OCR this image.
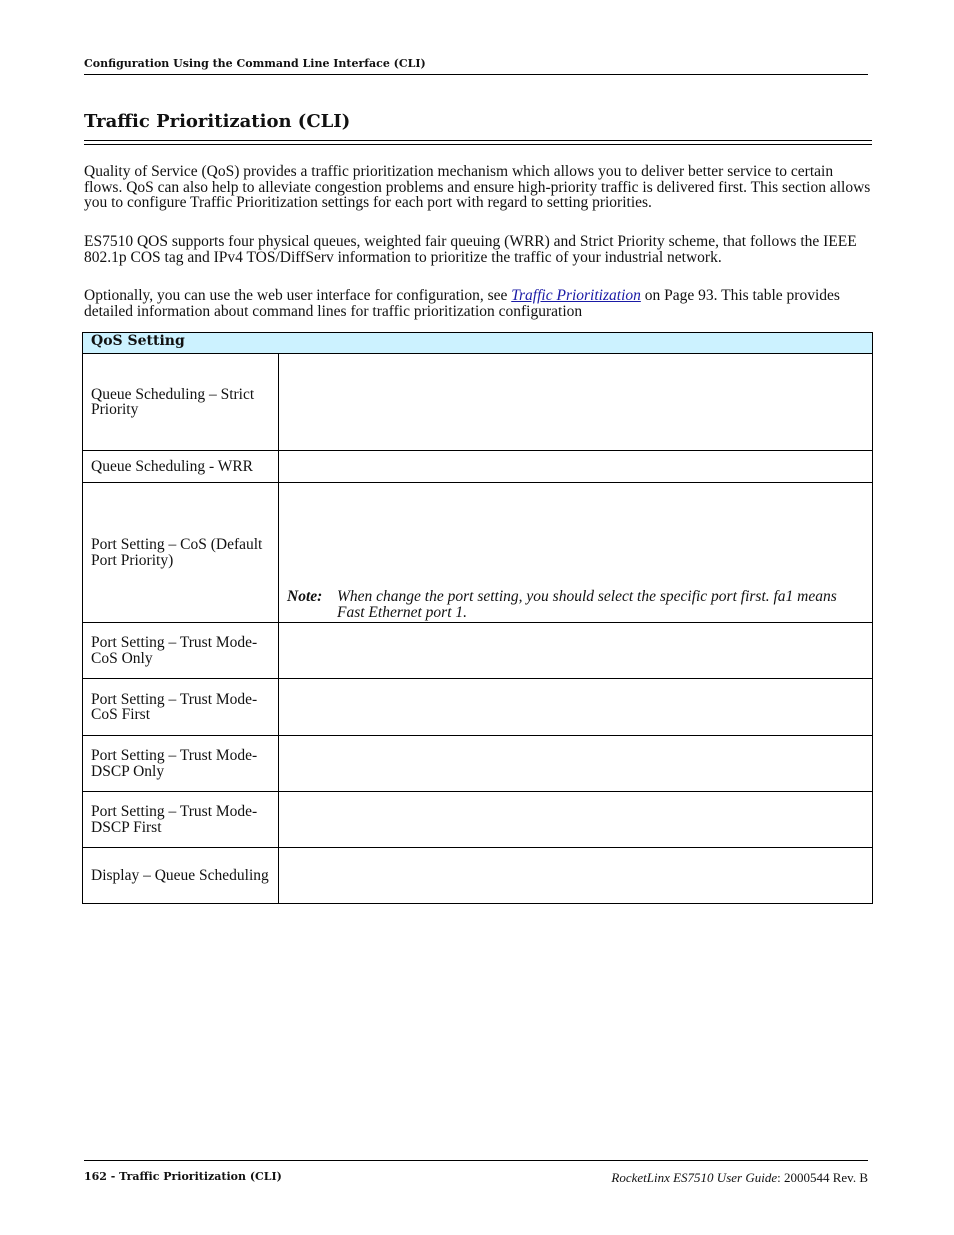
Configuration Using the Command Line Interface (CLI)
Traffic Prioritization (CLI)

Quality of Service (QoS) provides a traffic prioritization mechanism which allows you to deliver better service to certain flows. QoS can also help to alleviate congestion problems and ensure high-priority traffic is delivered first. This section allows you to configure Traffic Prioritization settings for each port with regard to setting priorities.

ES7510 QOS supports four physical queues, weighted fair queuing (WRR) and Strict Priority scheme, that follows the IEEE 802.1p COS tag and IPv4 TOS/DiffServ information to prioritize the traffic of your industrial network.

Optionally, you can use the web user interface for configuration, see Traffic Prioritization on Page 93. This table provides detailed information about command lines for traffic prioritization configuration

QoS Setting	
Queue Scheduling – Strict Priority	
Queue Scheduling - WRR	
Port Setting – CoS (Default Port Priority)	Note: When change the port setting, you should select the specific port first. fa1 means Fast Ethernet port 1.

Port Setting – Trust Mode- CoS Only	
Port Setting – Trust Mode- CoS First	
Port Setting – Trust Mode- DSCP Only	
Port Setting – Trust Mode- DSCP First	
Display – Queue Scheduling	
162 - Traffic Prioritization (CLI)	RocketLinx ES7510 User Guide: 2000544 Rev. B
